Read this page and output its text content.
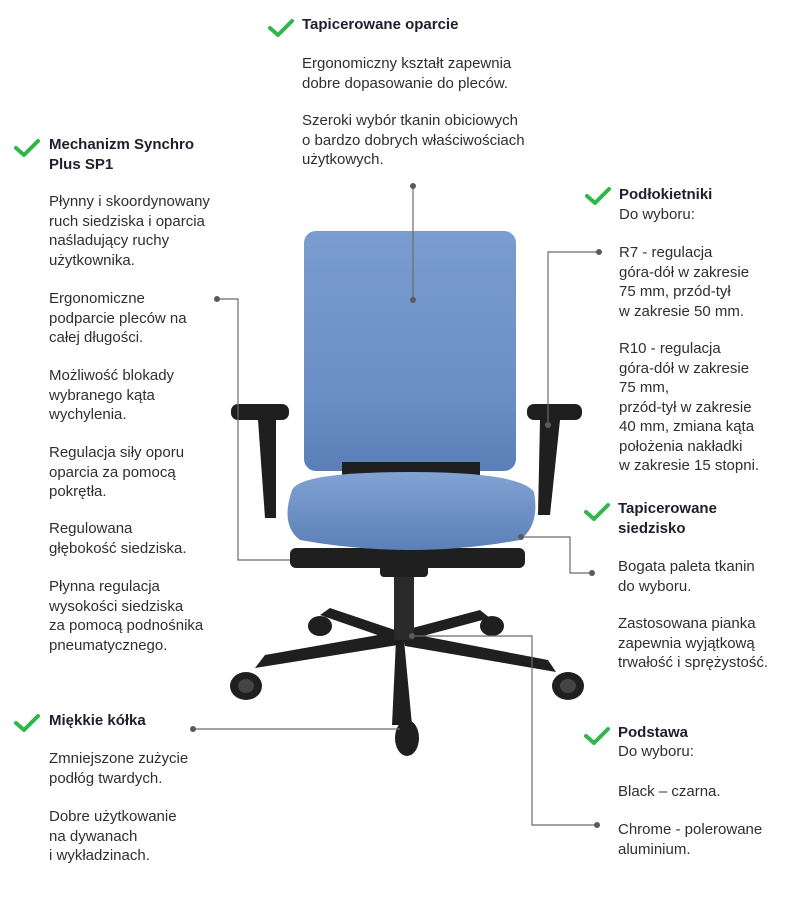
Tapicerowane oparcie
Ergonomiczny kształt zapewnia
dobre dopasowanie do pleców.
Szeroki wybór tkanin obiciowych
o bardzo dobrych właściwościach
użytkowych.
Mechanizm Synchro
Plus SP1
Płynny i skoordynowany
ruch siedziska i oparcia
naśladujący ruchy
użytkownika.
Ergonomiczne
podparcie pleców na
całej długości.
Możliwość blokady
wybranego kąta
wychylenia.
Regulacja siły oporu
oparcia za pomocą
pokrętła.
Regulowana
głębokość siedziska.
Płynna regulacja
wysokości siedziska
za pomocą podnośnika
pneumatycznego.
Podłokietniki
Do wyboru:
R7 - regulacja
góra-dół w zakresie
75 mm, przód-tył
w zakresie 50 mm.
R10 - regulacja
góra-dół w zakresie
75 mm,
przód-tył w zakresie
40 mm, zmiana kąta
położenia nakładki
w zakresie 15 stopni.
Tapicerowane
siedzisko
Bogata paleta tkanin
do wyboru.
Zastosowana pianka
zapewnia wyjątkową
trwałość i sprężystość.
Miękkie kółka
Zmniejszone zużycie
podłóg twardych.
Dobre użytkowanie
na dywanach
i wykładzinach.
Podstawa
Do wyboru:
Black – czarna.
Chrome - polerowane
aluminium.
